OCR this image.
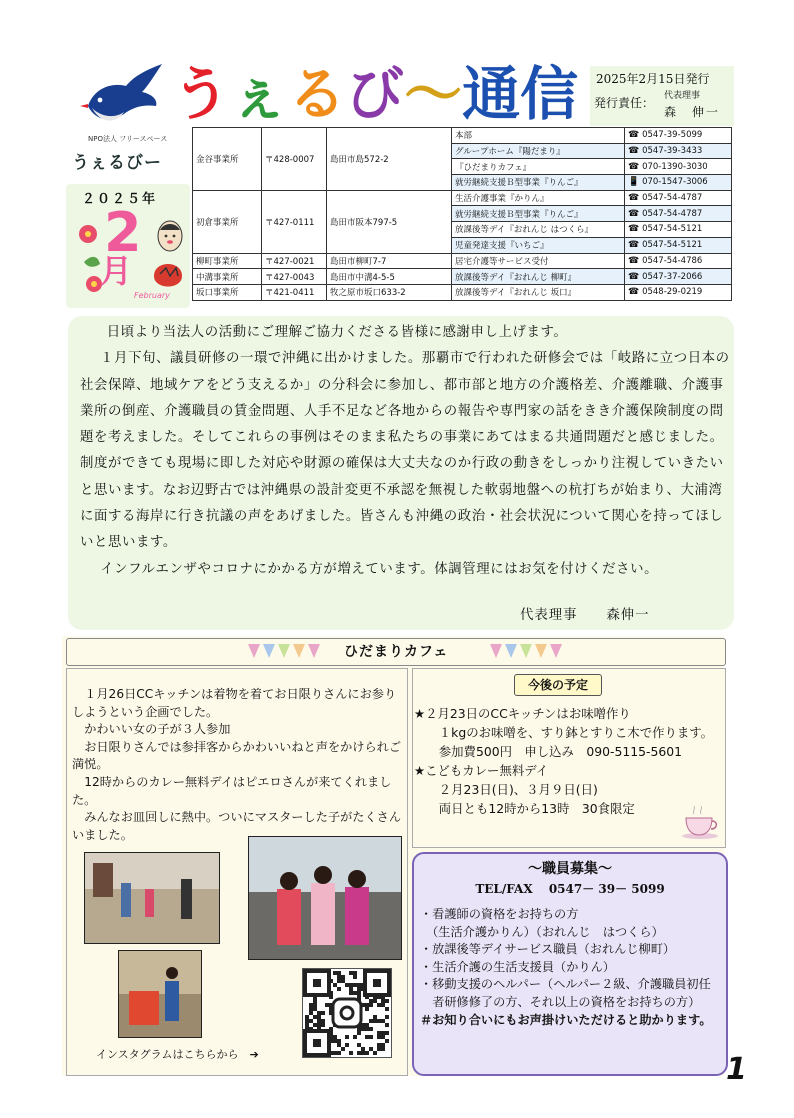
NPO法人 フリースペース
うぇるびー
うぇるび〜通信 2025年2月15日発行
発行責任： 代表理事
森　伸一
２０２５年
2
月
February
金谷事業所	〒428-0007	島田市島572-2	本部	☎ 0547-39-5099
			グループホーム『陽だまり』	☎ 0547-39-3433
			『ひだまりカフェ』	☎ 070-1390-3030
			就労継続支援Ｂ型事業『りんご』	📱 070-1547-3006
初倉事業所	〒427-0111	島田市阪本797-5	生活介護事業『かりん』	☎ 0547-54-4787
			就労継続支援Ｂ型事業『りんご』	☎ 0547-54-4787
			放課後等デイ『おれんじ はつくら』	☎ 0547-54-5121
			児童発達支援『いちご』	☎ 0547-54-5121
柳町事業所	〒427-0021	島田市柳町7-7	居宅介護等サービス受付	☎ 0547-54-4786
中溝事業所	〒427-0043	島田市中溝4-5-5	放課後等デイ『おれんじ 柳町』	☎ 0547-37-2066
坂口事業所	〒421-0411	牧之原市坂口633-2	放課後等デイ『おれんじ 坂口』	☎ 0548-29-0219

日頃より当法人の活動にご理解ご協力くださる皆様に感謝申し上げます。

１月下旬、議員研修の一環で沖縄に出かけました。那覇市で行われた研修会では「岐路に立つ日本の社会保障、地域ケアをどう支えるか」の分科会に参加し、都市部と地方の介護格差、介護離職、介護事業所の倒産、介護職員の賃金問題、人手不足など各地からの報告や専門家の話をきき介護保険制度の問題を考えました。そしてこれらの事例はそのまま私たちの事業にあてはまる共通問題だと感じました。制度ができても現場に即した対応や財源の確保は大丈夫なのか行政の動きをしっかり注視していきたいと思います。なお辺野古では沖縄県の設計変更不承認を無視した軟弱地盤への杭打ちが始まり、大浦湾に面する海岸に行き抗議の声をあげました。皆さんも沖縄の政治・社会状況について関心を持ってほしいと思います。

インフルエンザやコロナにかかる方が増えています。体調管理にはお気を付けください。

代表理事　　森伸一
ひだまりカフェ

１月26日CCキッチンは着物を着てお日限りさんにお参りしようという企画でした。

かわいい女の子が３人参加

お日限りさんでは参拝客からかわいいねと声をかけられご満悦。

12時からのカレー無料デイはピエロさんが来てくれました。

みんなお皿回しに熱中。ついにマスターした子がたくさんいました。

インスタグラムはこちらから　➔
今後の予定

★２月23日のCCキッチンはお味噌作り

　１kgのお味噌を、すり鉢とすりこ木で作ります。

　　参加費500円　申し込み　090-5115-5601

★こどもカレー無料デイ

　　２月23日(日)、３月９日(日)

　　両日とも12時から13時　30食限定

〜職員募集〜
TEL/FAX　 0547－ 39－ 5099

・看護師の資格をお持ちの方

　（生活介護かりん）（おれんじ　はつくら）

・放課後等デイサービス職員（おれんじ柳町）

・生活介護の生活支援員（かりん）

・移動支援のヘルパー（ヘルパー２級、介護職員初任者研修修了の方、それ以上の資格をお持ちの方）

＃お知り合いにもお声掛けいただけると助かります。

1
